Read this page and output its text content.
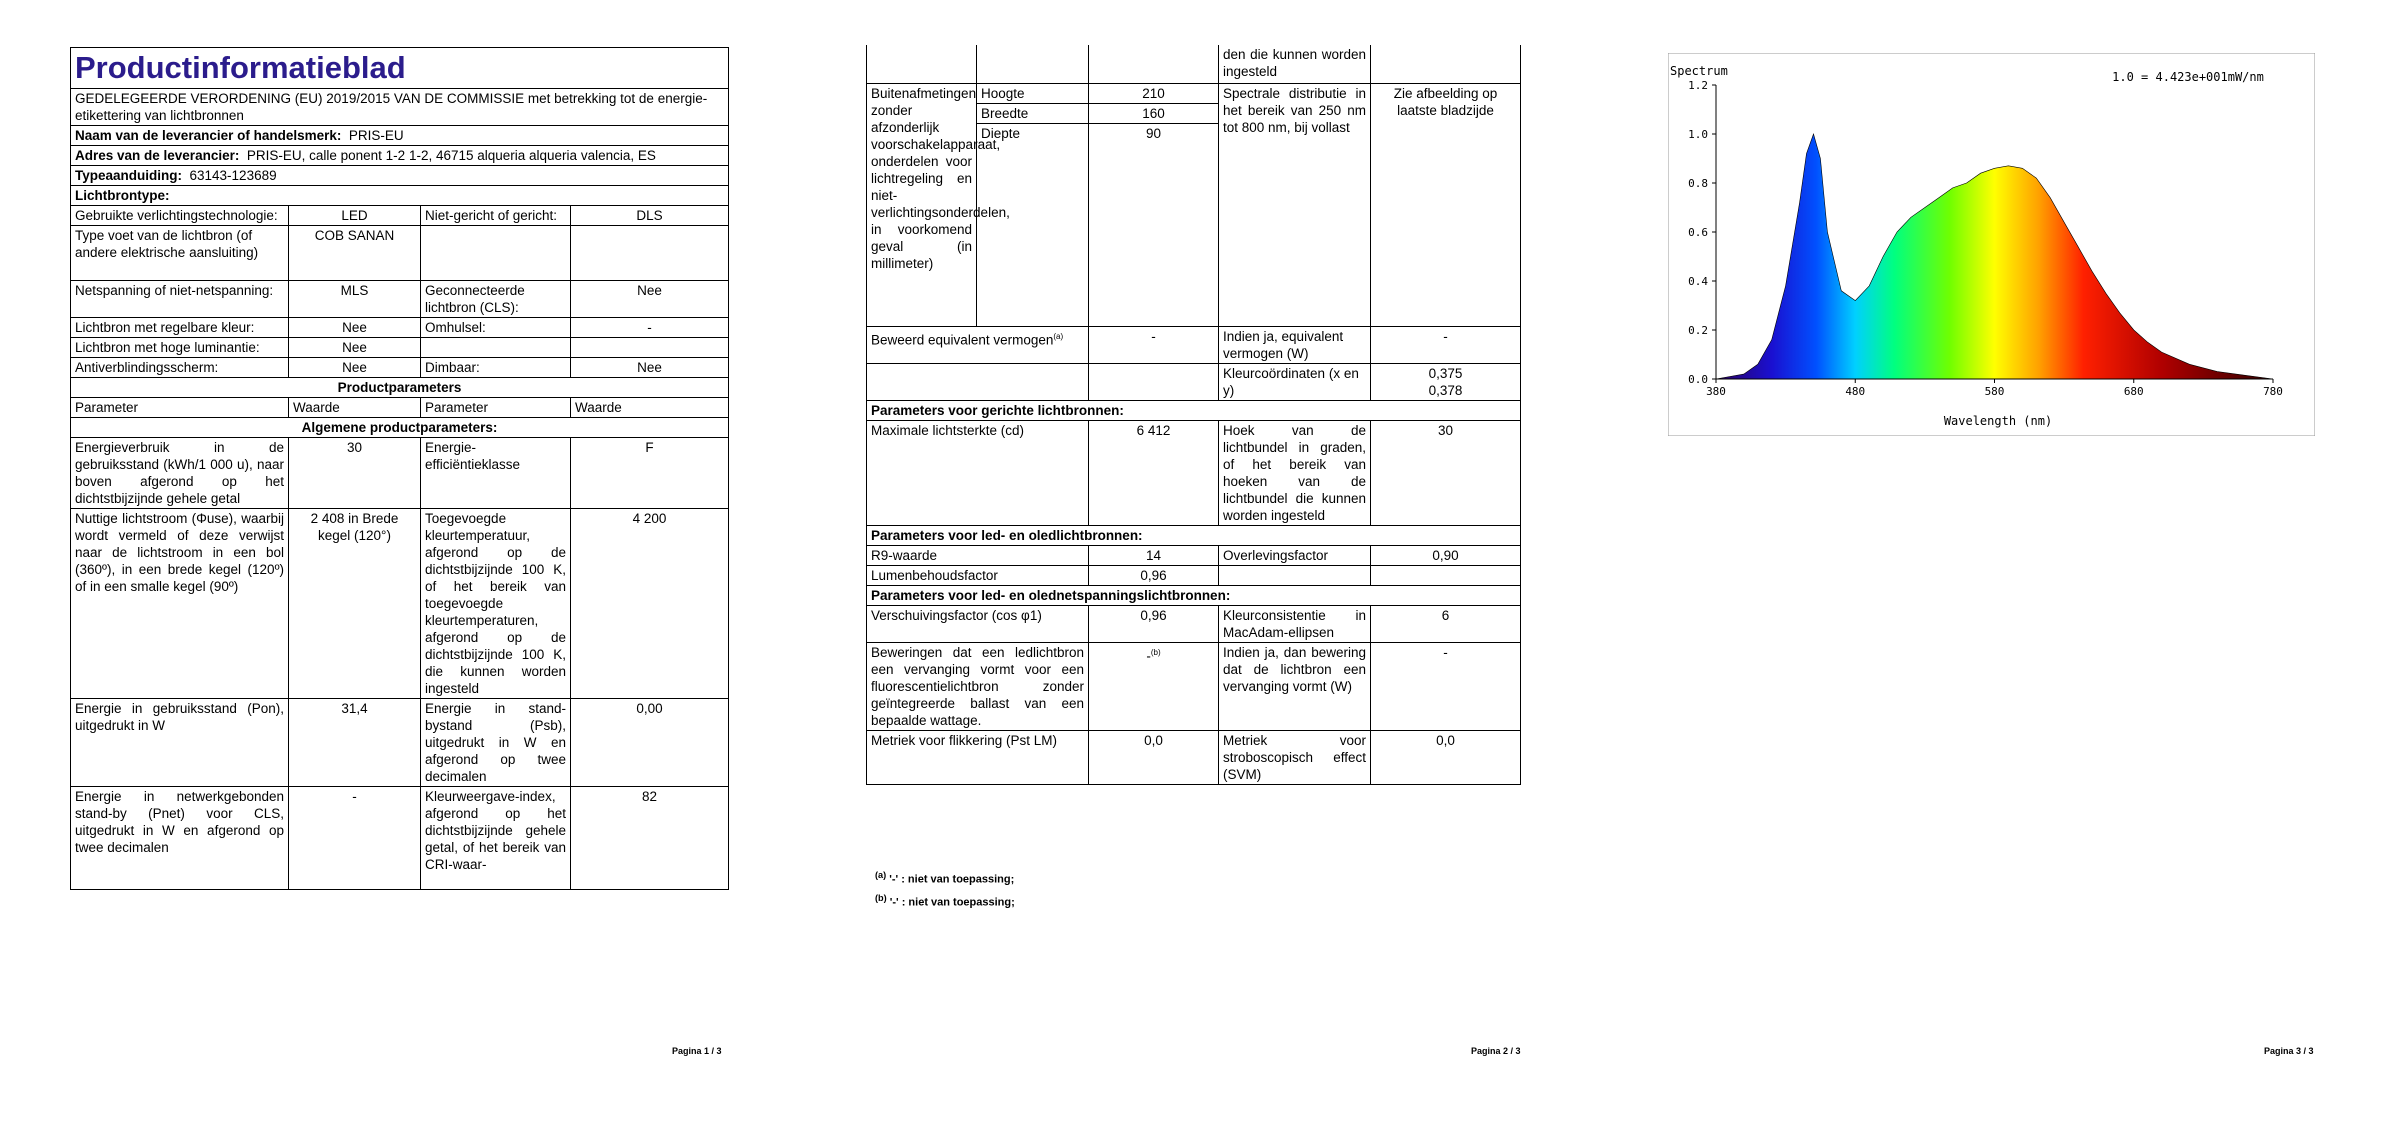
Productinformatieblad			
GEDELEGEERDE VERORDENING (EU) 2019/2015 VAN DE COMMISSIE met betrekking tot de energie-etikettering van lichtbronnen			
Naam van de leverancier of handelsmerk: PRIS-EU			
Adres van de leverancier: PRIS-EU, calle ponent 1-2 1-2, 46715 alqueria alqueria valencia, ES			
Typeaanduiding: 63143-123689			
Lichtbrontype:			
Gebruikte verlichtingstechnologie:	LED	Niet-gericht of gericht:	DLS
Type voet van de lichtbron (of andere elektrische aansluiting)	COB SANAN		
Netspanning of niet-netspanning:	MLS	Geconnecteerde lichtbron (CLS):	Nee
Lichtbron met regelbare kleur:	Nee	Omhulsel:	-
Lichtbron met hoge luminantie:	Nee		
Antiverblindingsscherm:	Nee	Dimbaar:	Nee
Productparameters			
Parameter	Waarde	Parameter	Waarde
Algemene productparameters:			
Energieverbruik in de gebruiksstand (kWh/1 000 u), naar boven afgerond op het dichtstbijzijnde gehele getal	30	Energie-efficiëntieklasse	F
Nuttige lichtstroom (Φuse), waarbij wordt vermeld of deze verwijst naar de lichtstroom in een bol (360º), in een brede kegel (120º) of in een smalle kegel (90º)	2 408 in Brede kegel (120°)	Toegevoegde kleurtemperatuur, afgerond op de dichtstbijzijnde 100 K, of het bereik van toegevoegde kleurtemperaturen, afgerond op de dichtstbijzijnde 100 K, die kunnen worden ingesteld	4 200
Energie in gebruiksstand (Pon), uitgedrukt in W	31,4	Energie in stand-bystand (Psb), uitgedrukt in W en afgerond op twee decimalen	0,00
Energie in netwerkgebonden stand-by (Pnet) voor CLS, uitgedrukt in W en afgerond op twee decimalen	-	Kleurweergave-index, afgerond op het dichtstbijzijnde gehele getal, of het bereik van CRI-waar-	82
Pagina 1 / 3
			den die kunnen worden ingesteld	
Buitenafmetingen zonder afzonderlijk voorschakelapparaat, onderdelen voor lichtregeling en niet-verlichtingsonderdelen, in voorkomend geval (in millimeter)	Hoogte	210	Spectrale distributie in het bereik van 250 nm tot 800 nm, bij vollast	Zie afbeelding op laatste bladzijde
	Breedte	160		
	Diepte	90		
Beweerd equivalent vermogen$^{(a)}$		-	Indien ja, equivalent vermogen (W)	-
			Kleurcoördinaten (x en y)	0,375
0,378

Parameters voor gerichte lichtbronnen:				
Maximale lichtsterkte (cd)		6 412	Hoek van de lichtbundel in graden, of het bereik van hoeken van de lichtbundel die kunnen worden ingesteld	30
Parameters voor led- en oledlichtbronnen:				
R9-waarde		14	Overlevingsfactor	0,90
Lumenbehoudsfactor		0,96		
Parameters voor led- en olednetspanningslichtbronnen:				
Verschuivingsfactor (cos φ1)		0,96	Kleurconsistentie in MacAdam-ellipsen	6
Beweringen dat een ledlichtbron een vervanging vormt voor een fluorescentielichtbron zonder geïntegreerde ballast van een bepaalde wattage.		-$^{(b)}$	Indien ja, dan bewering dat de lichtbron een vervanging vormt (W)	-
Metriek voor flikkering (Pst LM)		0,0	Metriek voor stroboscopisch effect (SVM)	0,0
$^{(a)}$ '-' : niet van toepassing;
$^{(b)}$ '-' : niet van toepassing;
Pagina 2 / 3
Spectrum	1.0 = 4.423e+001mW/nm
0.0
0.2
0.4
0.6
0.8
1.0
1.2
380	480	580	680	780
Wavelength (nm)
Pagina 3 / 3
